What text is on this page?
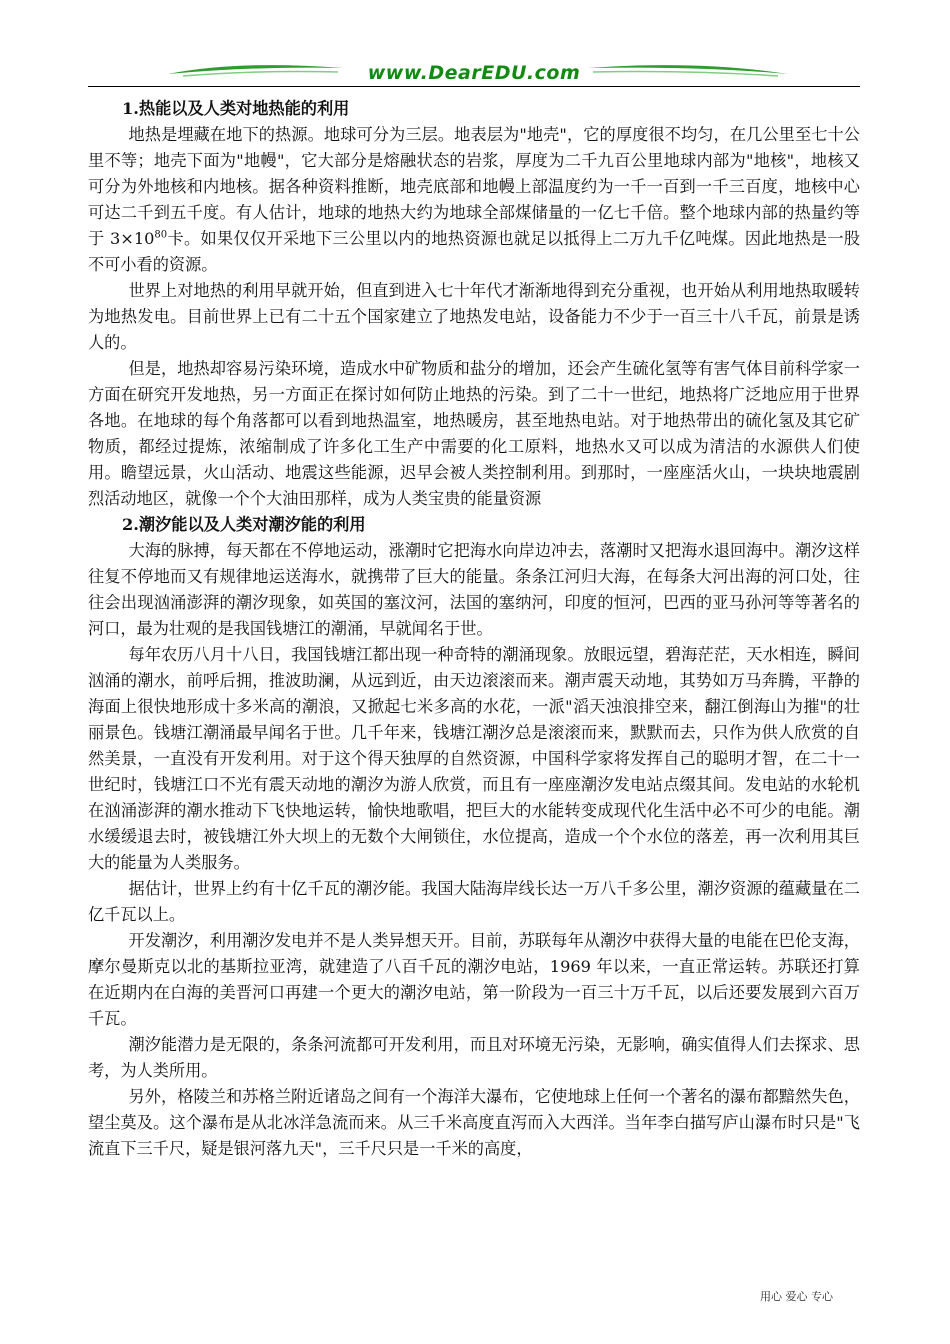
www.DearEDU.com
1.热能以及人类对地热能的利用

地热是埋藏在地下的热源。地球可分为三层。地表层为"地壳"，它的厚度很不均匀，在几公里至七十公里不等；地壳下面为"地幔"，它大部分是熔融状态的岩浆，厚度为二千九百公里地球内部为"地核"，地核又可分为外地核和内地核。据各种资料推断，地壳底部和地幔上部温度约为一千一百到一千三百度，地核中心可达二千到五千度。有人估计，地球的地热大约为地球全部煤储量的一亿七千倍。整个地球内部的热量约等于 $3\times 10^{80}$卡。如果仅仅开采地下三公里以内的地热资源也就足以抵得上二万九千亿吨煤。因此地热是一股不可小看的资源。

世界上对地热的利用早就开始，但直到进入七十年代才渐渐地得到充分重视，也开始从利用地热取暖转为地热发电。目前世界上已有二十五个国家建立了地热发电站，设备能力不少于一百三十八千瓦，前景是诱人的。

但是，地热却容易污染环境，造成水中矿物质和盐分的增加，还会产生硫化氢等有害气体目前科学家一方面在研究开发地热，另一方面正在探讨如何防止地热的污染。到了二十一世纪，地热将广泛地应用于世界各地。在地球的每个角落都可以看到地热温室，地热暖房，甚至地热电站。对于地热带出的硫化氢及其它矿物质，都经过提炼，浓缩制成了许多化工生产中需要的化工原料，地热水又可以成为清洁的水源供人们使用。瞻望远景，火山活动、地震这些能源，迟早会被人类控制利用。到那时，一座座活火山，一块块地震剧烈活动地区，就像一个个大油田那样，成为人类宝贵的能量资源

2.潮汐能以及人类对潮汐能的利用

大海的脉搏，每天都在不停地运动，涨潮时它把海水向岸边冲去，落潮时又把海水退回海中。潮汐这样往复不停地而又有规律地运送海水，就携带了巨大的能量。条条江河归大海，在每条大河出海的河口处，往往会出现汹涌澎湃的潮汐现象，如英国的塞汶河，法国的塞纳河，印度的恒河，巴西的亚马孙河等等著名的河口，最为壮观的是我国钱塘江的潮涌，早就闻名于世。

每年农历八月十八日，我国钱塘江都出现一种奇特的潮涌现象。放眼远望，碧海茫茫，天水相连，瞬间汹涌的潮水，前呼后拥，推波助澜，从远到近，由天边滚滚而来。潮声震天动地，其势如万马奔腾，平静的海面上很快地形成十多米高的潮浪，又掀起七米多高的水花，一派"滔天浊浪排空来，翻江倒海山为摧"的壮丽景色。钱塘江潮涌最早闻名于世。几千年来，钱塘江潮汐总是滚滚而来，默默而去，只作为供人欣赏的自然美景，一直没有开发利用。对于这个得天独厚的自然资源，中国科学家将发挥自己的聪明才智，在二十一世纪时，钱塘江口不光有震天动地的潮汐为游人欣赏，而且有一座座潮汐发电站点缀其间。发电站的水轮机在汹涌澎湃的潮水推动下飞快地运转，愉快地歌唱，把巨大的水能转变成现代化生活中必不可少的电能。潮水缓缓退去时，被钱塘江外大坝上的无数个大闸锁住，水位提高，造成一个个水位的落差，再一次利用其巨大的能量为人类服务。

据估计，世界上约有十亿千瓦的潮汐能。我国大陆海岸线长达一万八千多公里，潮汐资源的蕴藏量在二亿千瓦以上。

开发潮汐，利用潮汐发电并不是人类异想天开。目前，苏联每年从潮汐中获得大量的电能在巴伦支海，摩尔曼斯克以北的基斯拉亚湾，就建造了八百千瓦的潮汐电站，1969 年以来，一直正常运转。苏联还打算在近期内在白海的美晋河口再建一个更大的潮汐电站，第一阶段为一百三十万千瓦，以后还要发展到六百万千瓦。

潮汐能潜力是无限的，条条河流都可开发利用，而且对环境无污染，无影响，确实值得人们去探求、思考，为人类所用。

另外，格陵兰和苏格兰附近诸岛之间有一个海洋大瀑布，它使地球上任何一个著名的瀑布都黯然失色，望尘莫及。这个瀑布是从北冰洋急流而来。从三千米高度直泻而入大西洋。当年李白描写庐山瀑布时只是"飞流直下三千尺，疑是银河落九天"，三千尺只是一千米的高度，

用心 爱心 专心
